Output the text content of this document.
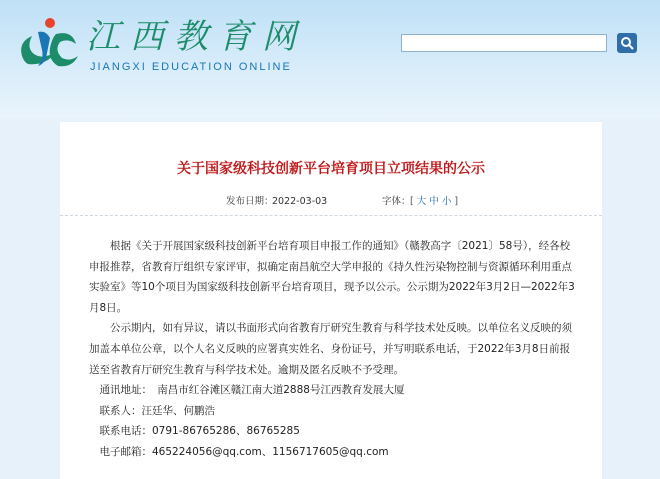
江西教育网
JIANGXI EDUCATION ONLINE
关于国家级科技创新平台培育项目立项结果的公示
发布日期：
2022-03-03	字体： [ 大 中 小 ]

根据《关于开展国家级科技创新平台培育项目申报工作的通知》（赣教高字〔2021〕58号），经各校申报推荐，省教育厅组织专家评审，拟确定南昌航空大学申报的《持久性污染物控制与资源循环利用重点实验室》等10个项目为国家级科技创新平台培育项目，现予以公示。公示期为2022年3月2日—2022年3月8日。

公示期内，如有异议，请以书面形式向省教育厅研究生教育与科学技术处反映。以单位名义反映的须加盖本单位公章，以个人名义反映的应署真实姓名、身份证号，并写明联系电话，于2022年3月8日前报送至省教育厅研究生教育与科学技术处。逾期及匿名反映不予受理。

通讯地址：　南昌市红谷滩区赣江南大道2888号江西教育发展大厦

联系人：汪廷华、何鹏浩

联系电话：0791-86765286、86765285

电子邮箱：465224056@qq.com、1156717605@qq.com
